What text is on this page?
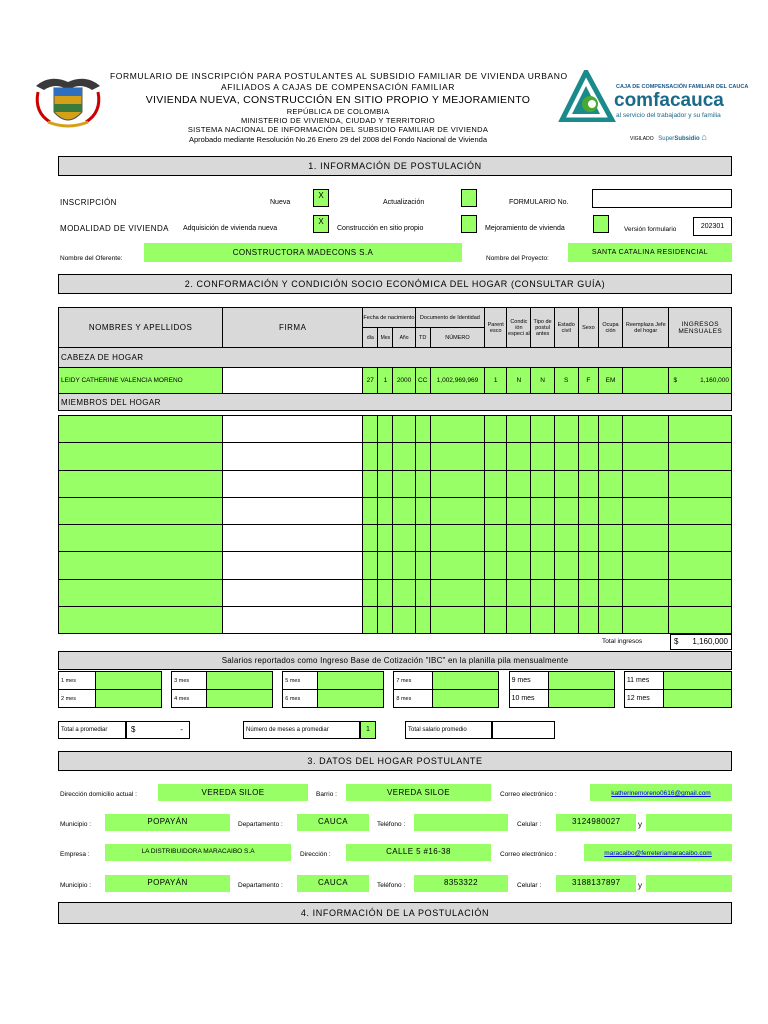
FORMULARIO DE INSCRIPCIÓN PARA POSTULANTES AL SUBSIDIO FAMILIAR DE VIVIENDA URBANO
AFILIADOS A CAJAS DE COMPENSACIÓN FAMILIAR
VIVIENDA NUEVA, CONSTRUCCIÓN EN SITIO PROPIO Y MEJORAMIENTO
REPÚBLICA DE COLOMBIA
MINISTERIO DE VIVIENDA, CIUDAD Y TERRITORIO
SISTEMA NACIONAL DE INFORMACIÓN DEL SUBSIDIO FAMILIAR DE VIVIENDA
Aprobado mediante Resolución No.26 Enero 29 del 2008 del Fondo Nacional de Vivienda
CAJA DE COMPENSACIÓN FAMILIAR DEL CAUCA
comfacauca
al servicio del trabajador y su familia
VIGILADO SuperSubsidio ⌂
1. INFORMACIÓN DE POSTULACIÓN
INSCRIPCIÓN	Nueva
X
Actualización	FORMULARIO No.
MODALIDAD DE VIVIENDA Adquisición de vivienda nueva
X
Construcción en sitio propio	Mejoramiento de vivienda	Versión formulario	202301
Nombre del Oferente:
CONSTRUCTORA MADECONS S.A
Nombre del Proyecto:
SANTA CATALINA RESIDENCIAL
2. CONFORMACIÓN Y CONDICIÓN SOCIO ECONÓMICA DEL HOGAR (CONSULTAR GUÍA)
NOMBRES Y APELLIDOS	FIRMA	Fecha de nacimiento			Documento de Identidad		Parent esco	Condic ión especi al	Tipo de postul antes	Estado civil	Sexo	Ocupa ción	Reemplaza Jefe del hogar	INGRESOS MENSUALES
		día	Mes	Año	TD	NÚMERO								
CABEZA DE HOGAR														
LEIDY CATHERINE VALENCIA MORENO		27	1	2000	CC	1,002,969,969	1	N	N	S	F	EM		$ 1,160,000
MIEMBROS DEL HOGAR														

Total ingresos	$ 1,160,000
Salarios reportados como Ingreso Base de Cotización "IBC" en la planilla pila mensualmente
1 mes			3 mes			5 mes			7 mes			9 mes			11 mes	
2 mes			4 mes			6 mes			8 mes			10 mes			12 mes	
Total a promediar	$	-	Número de meses a promediar	1	Total salario promedio
3. DATOS DEL HOGAR POSTULANTE
Dirección domicilio actual :	VEREDA SILOE	Barrio :	VEREDA SILOE	Correo electrónico :	katherinemoreno0616@gmail.com
Municipio :	POPAYÁN	Departamento :	CAUCA	Teléfono :	Celular :	3124980027	y
Empresa :	LA DISTRIBUIDORA MARACAIBO S.A	Dirección :	CALLE 5 #16-38	Correo electrónico :	maracaibo@ferreteriamaracaibo.com
Municipio :	POPAYÁN	Departamento :	CAUCA	Teléfono :	8353322	Celular :	3188137897	y
4. INFORMACIÓN DE LA POSTULACIÓN
